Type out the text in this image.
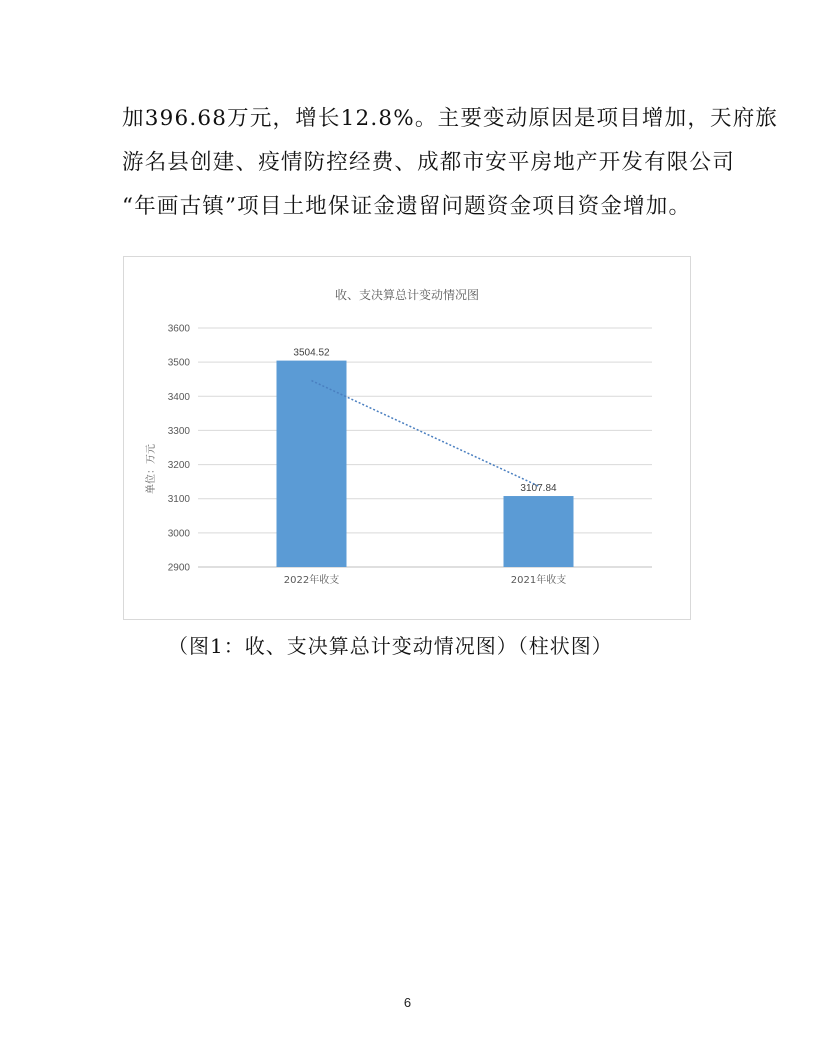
加396.68万元，增长12.8%。主要变动原因是项目增加，天府旅

游名县创建、疫情防控经费、成都市安平房地产开发有限公司

“年画古镇”项目土地保证金遗留问题资金项目资金增加。

收、支决算总计变动情况图
单位：万元
2900
3000
3100
3200
3300
3400
3500
3600
3504.52
2022年收支
3107.84
2021年收支
（图1：收、支决算总计变动情况图）（柱状图）
6
